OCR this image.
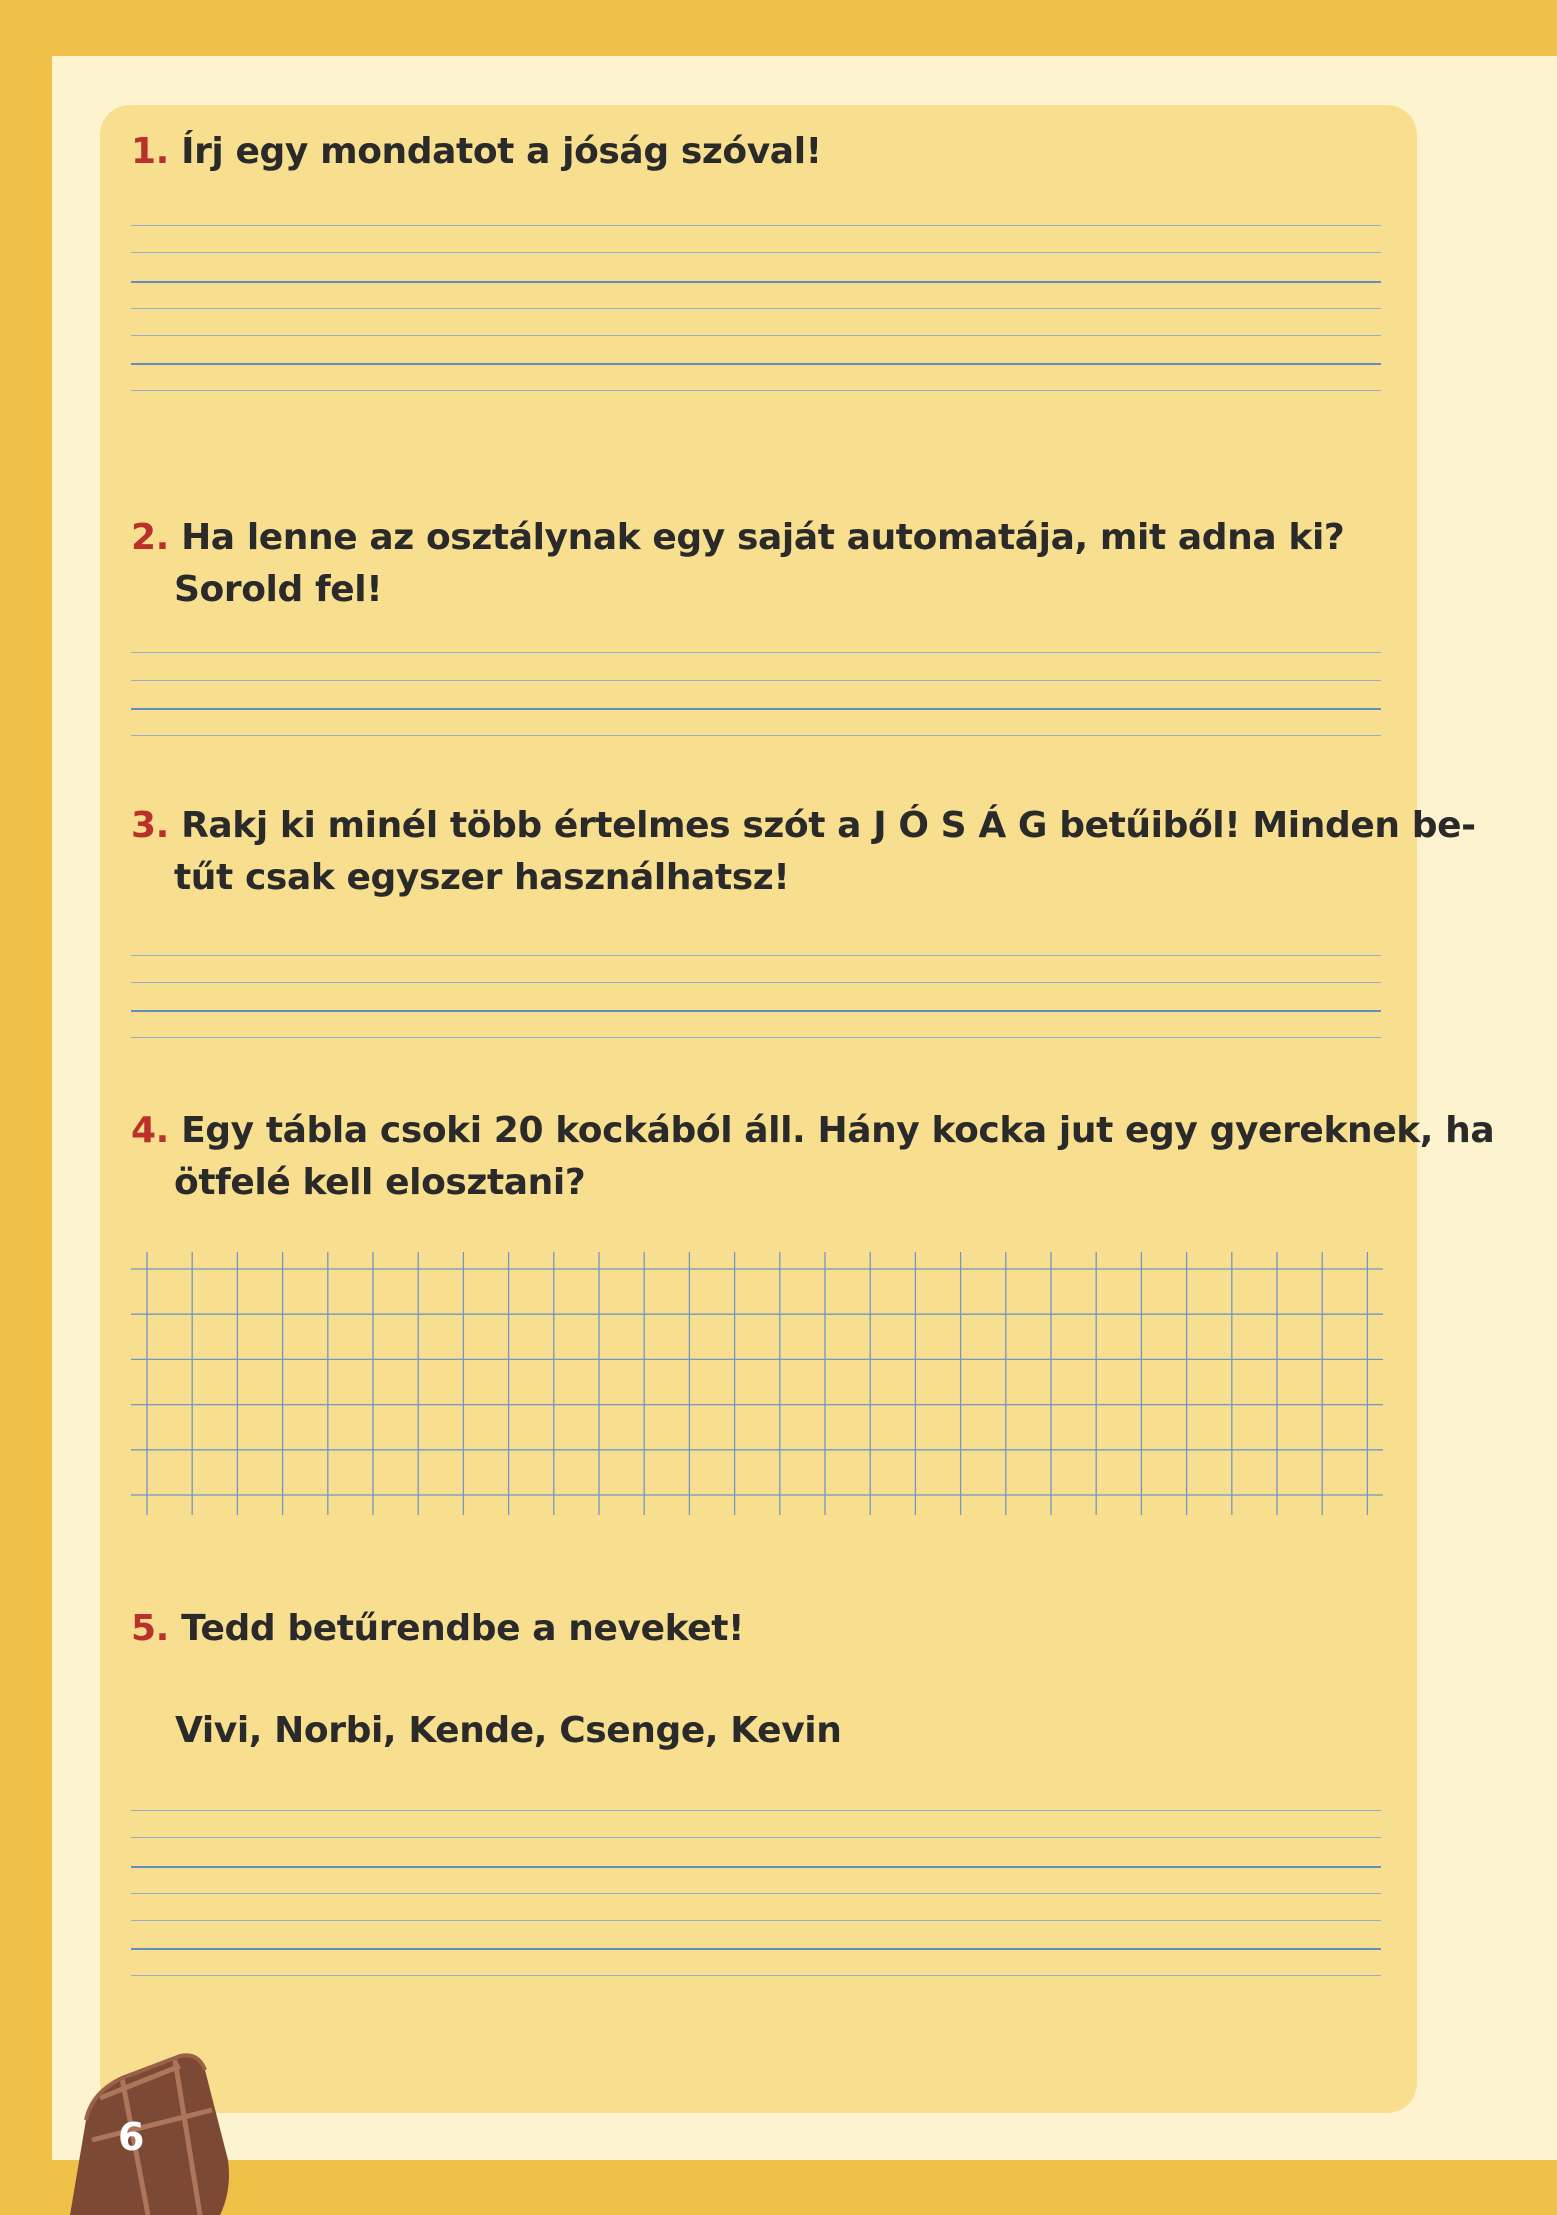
1. Írj egy mondatot a jóság szóval!

2. Ha lenne az osztálynak egy saját automatája, mit adna ki?
Sorold fel!

3. Rakj ki minél több értelmes szót a J Ó S Á G betűiből! Minden be-
tűt csak egyszer használhatsz!

4. Egy tábla csoki 20 kockából áll. Hány kocka jut egy gyereknek, ha
ötfelé kell elosztani?

5. Tedd betűrendbe a neveket!

Vivi, Norbi, Kende, Csenge, Kevin
6
